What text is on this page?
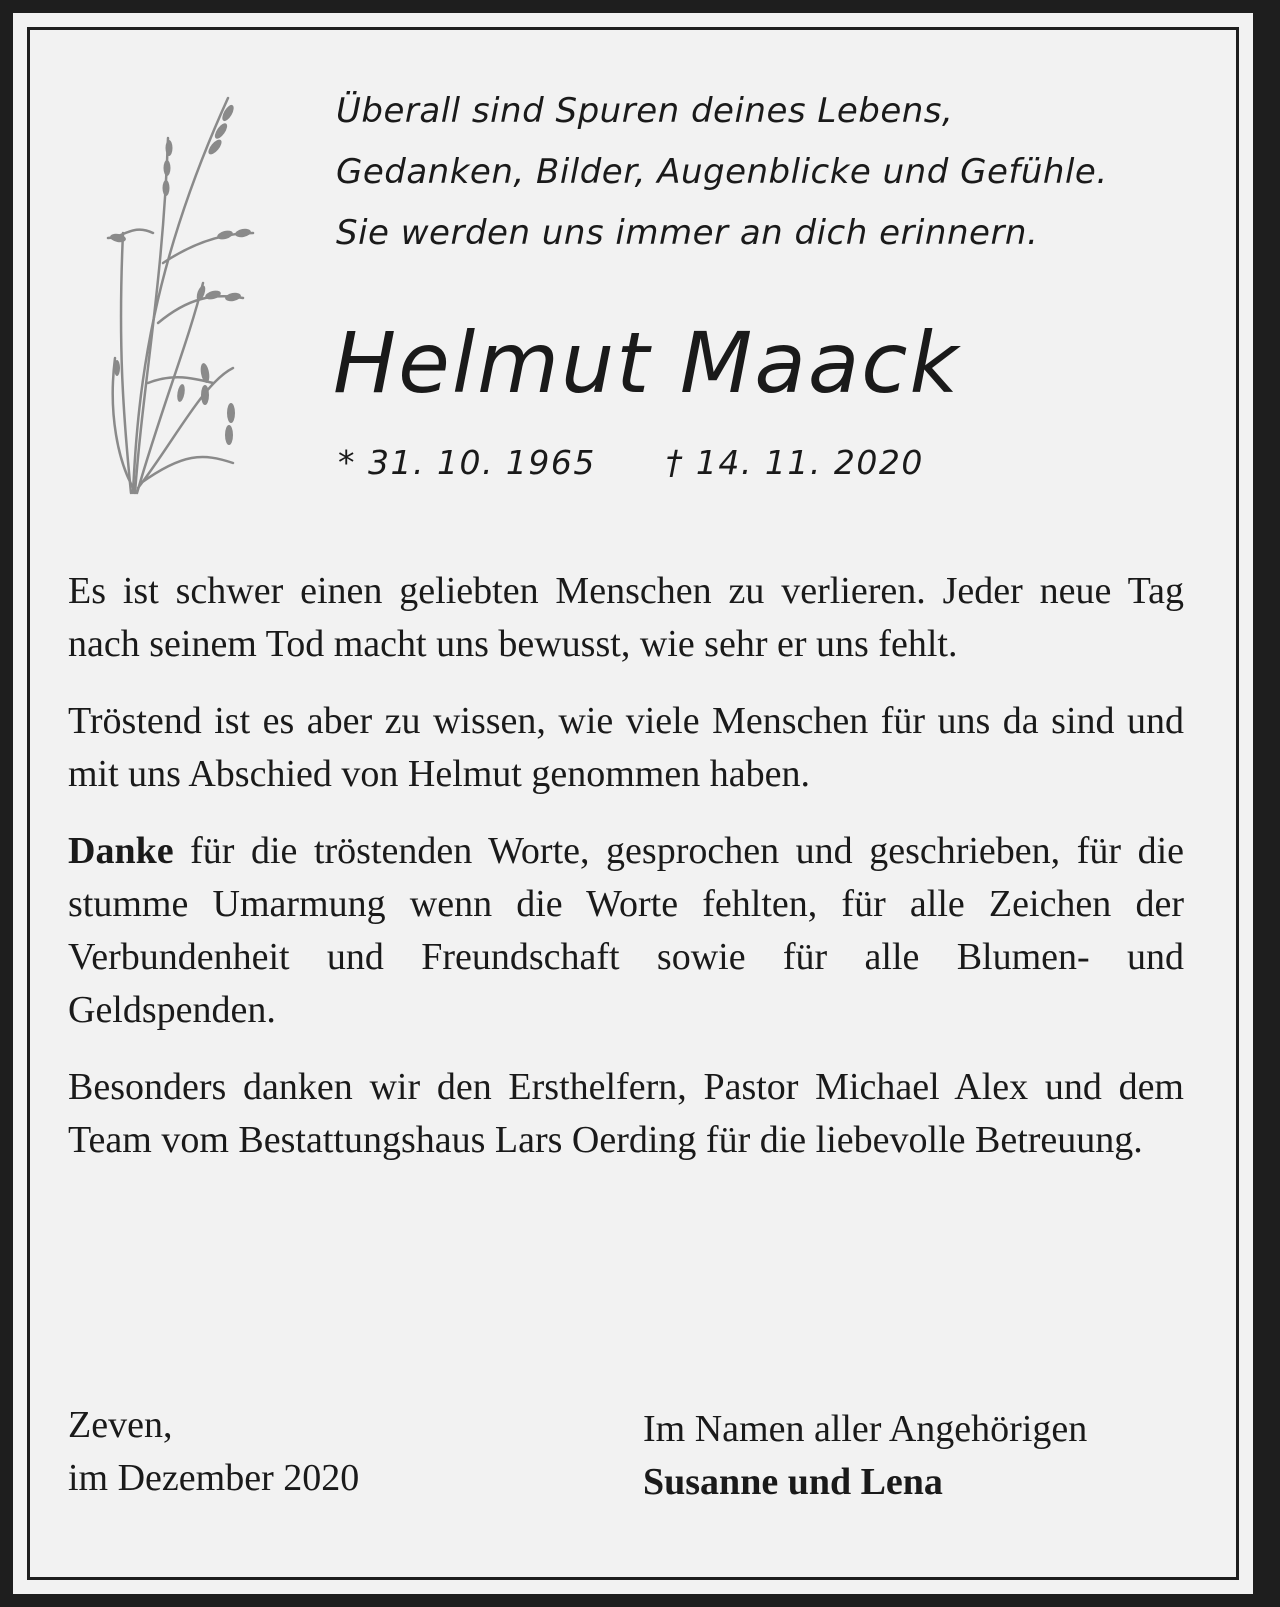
Überall sind Spuren deines Lebens,
Gedanken, Bilder, Augenblicke und Gefühle.
Sie werden uns immer an dich erinnern.
Helmut Maack
* 31. 10. 1965 † 14. 11. 2020

Es ist schwer einen geliebten Menschen zu verlieren. Jeder neue Tag nach seinem Tod macht uns bewusst, wie sehr er uns fehlt.

Tröstend ist es aber zu wissen, wie viele Menschen für uns da sind und mit uns Abschied von Helmut genommen haben.

Danke für die tröstenden Worte, gesprochen und geschrieben, für die stumme Umarmung wenn die Worte fehlten, für alle Zeichen der Verbundenheit und Freundschaft sowie für alle Blumen- und Geldspenden.

Besonders danken wir den Ersthelfern, Pastor Michael Alex und dem Team vom Bestattungshaus Lars Oerding für die liebevolle Betreuung.

Zeven,
im Dezember 2020
Im Namen aller Angehörigen
Susanne und Lena
